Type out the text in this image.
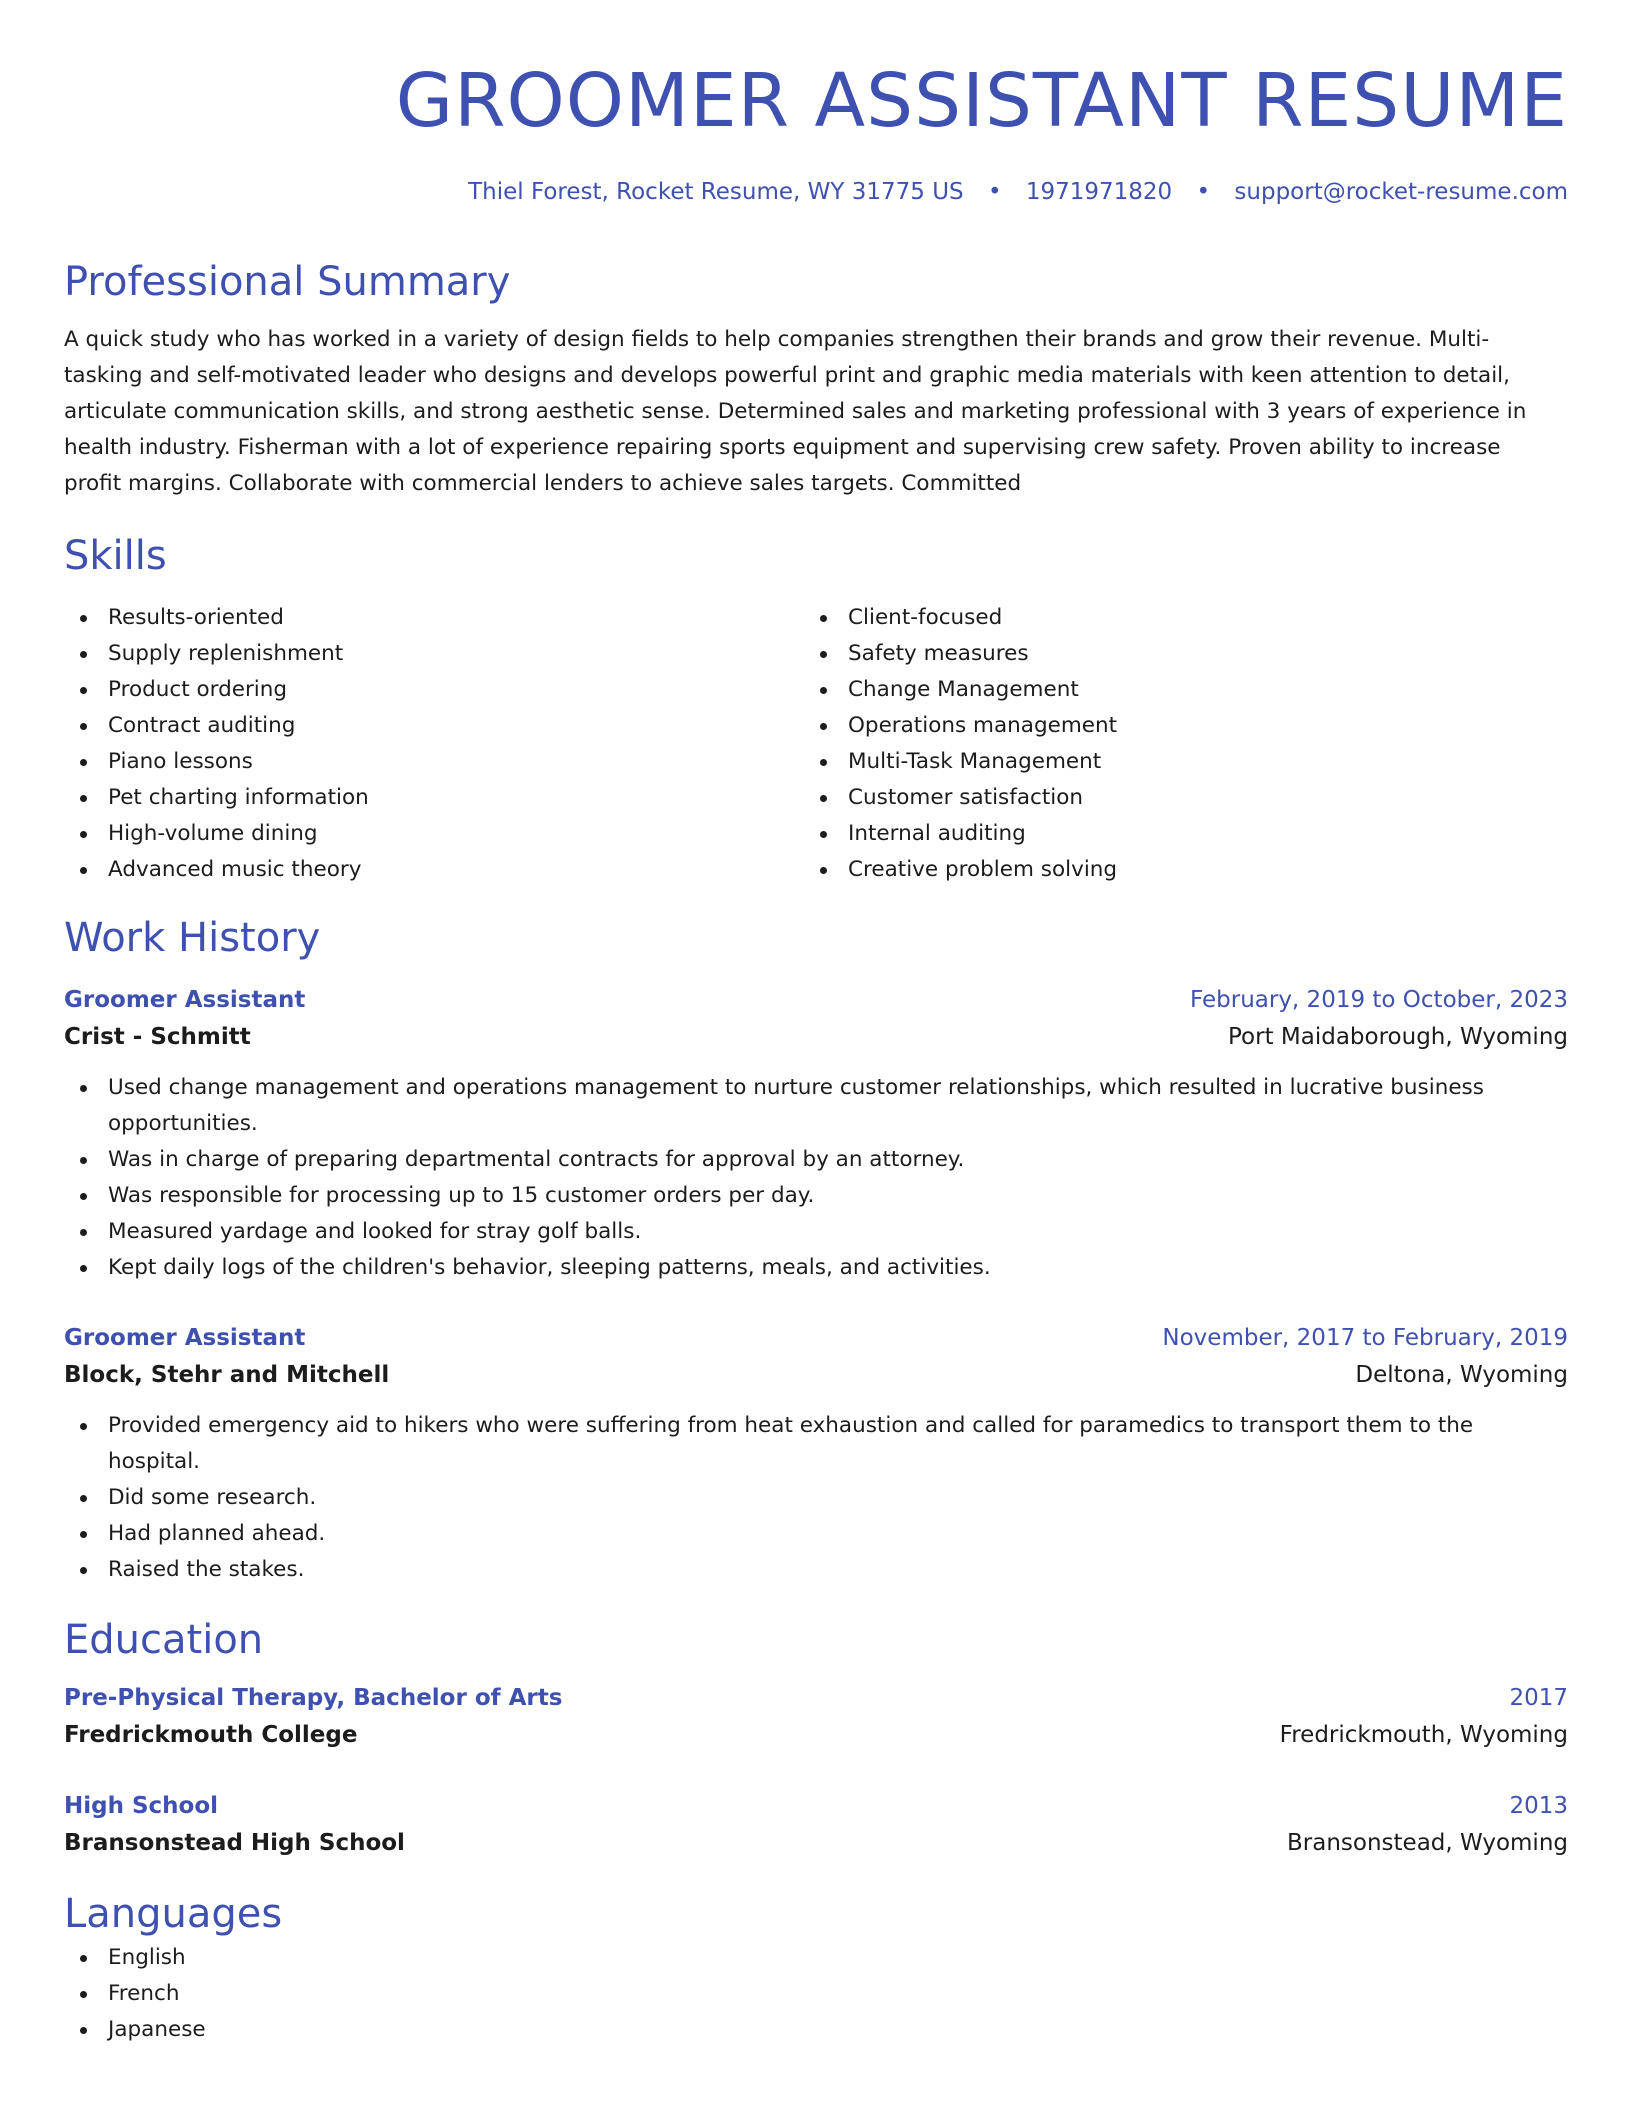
GROOMER ASSISTANT RESUME
Thiel Forest, Rocket Resume, WY 31775 US • 1971971820 • support@rocket-resume.com
Professional Summary

A quick study who has worked in a variety of design fields to help companies strengthen their brands and grow their revenue. Multi-tasking and self-motivated leader who designs and develops powerful print and graphic media materials with keen attention to detail, articulate communication skills, and strong aesthetic sense. Determined sales and marketing professional with 3 years of experience in health industry. Fisherman with a lot of experience repairing sports equipment and supervising crew safety. Proven ability to increase profit margins. Collaborate with commercial lenders to achieve sales targets. Committed

Skills
Results-oriented
Supply replenishment
Product ordering
Contract auditing
Piano lessons
Pet charting information
High-volume dining
Advanced music theory
Client-focused
Safety measures
Change Management
Operations management
Multi-Task Management
Customer satisfaction
Internal auditing
Creative problem solving
Work History
Groomer Assistant	February, 2019 to October, 2023
Crist - Schmitt	Port Maidaborough, Wyoming
Used change management and operations management to nurture customer relationships, which resulted in lucrative business opportunities.
Was in charge of preparing departmental contracts for approval by an attorney.
Was responsible for processing up to 15 customer orders per day.
Measured yardage and looked for stray golf balls.
Kept daily logs of the children's behavior, sleeping patterns, meals, and activities.
Groomer Assistant	November, 2017 to February, 2019
Block, Stehr and Mitchell	Deltona, Wyoming
Provided emergency aid to hikers who were suffering from heat exhaustion and called for paramedics to transport them to the hospital.
Did some research.
Had planned ahead.
Raised the stakes.
Education
Pre-Physical Therapy, Bachelor of Arts	2017
Fredrickmouth College	Fredrickmouth, Wyoming
High School	2013
Bransonstead High School	Bransonstead, Wyoming
Languages
English
French
Japanese
